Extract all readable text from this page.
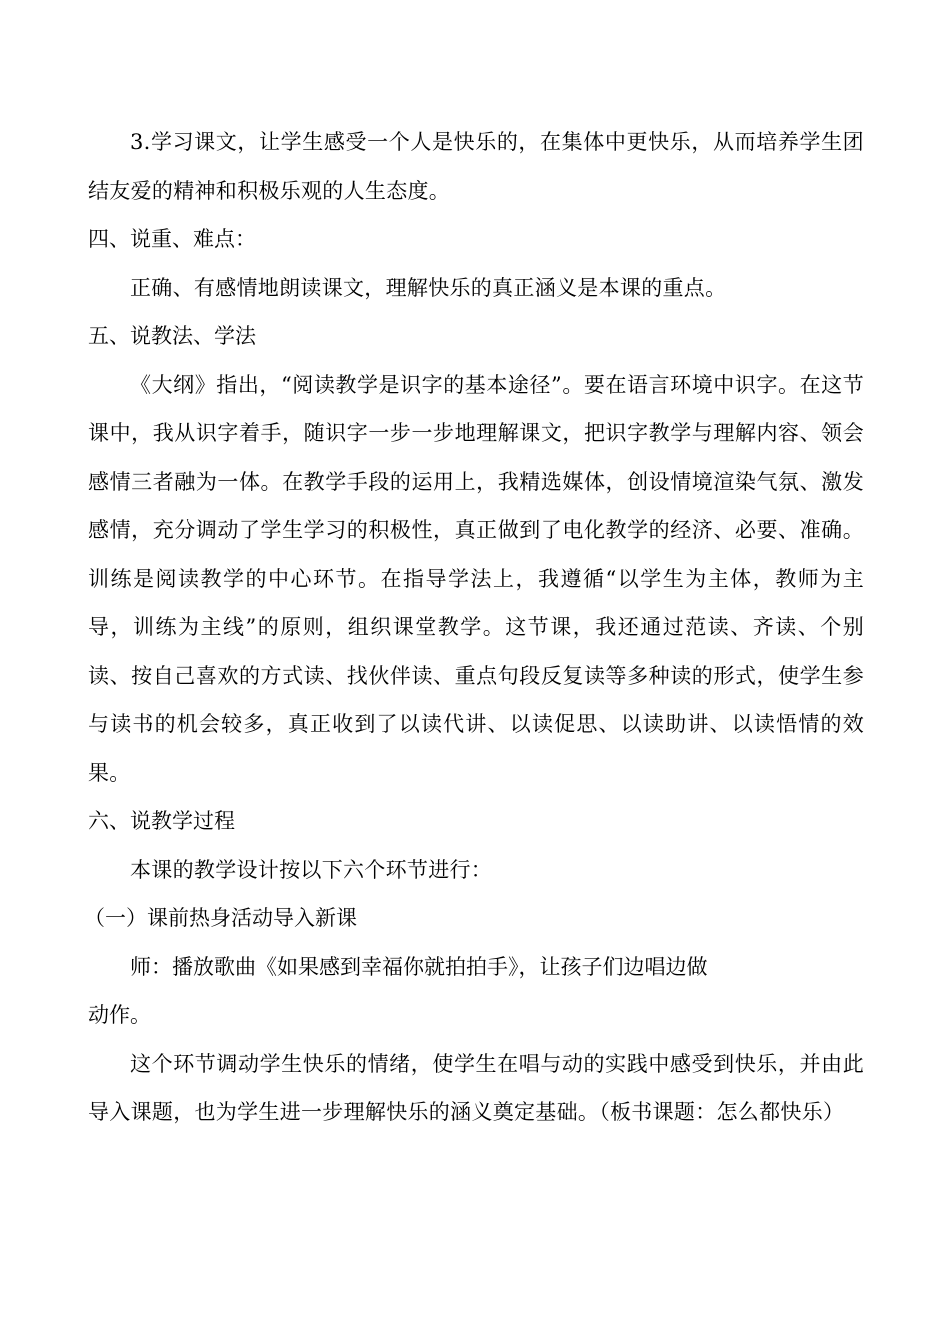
3.学习课文，让学生感受一个人是快乐的，在集体中更快乐，从而培养学生团结友爱的精神和积极乐观的人生态度。

四、说重、难点：

正确、有感情地朗读课文，理解快乐的真正涵义是本课的重点。

五、说教法、学法

《大纲》指出，“阅读教学是识字的基本途径”。要在语言环境中识字。在这节课中，我从识字着手，随识字一步一步地理解课文，把识字教学与理解内容、领会感情三者融为一体。在教学手段的运用上，我精选媒体，创设情境渲染气氛、激发感情，充分调动了学生学习的积极性，真正做到了电化教学的经济、必要、准确。 训练是阅读教学的中心环节。在指导学法上，我遵循“以学生为主体，教师为主导，训练为主线”的原则，组织课堂教学。这节课，我还通过范读、齐读、个别读、按自己喜欢的方式读、找伙伴读、重点句段反复读等多种读的形式，使学生参与读书的机会较多，真正收到了以读代讲、以读促思、以读助讲、以读悟情的效果。

六、说教学过程

本课的教学设计按以下六个环节进行：

（一）课前热身活动导入新课

师：播放歌曲《如果感到幸福你就拍拍手》，让孩子们边唱边做

动作。

这个环节调动学生快乐的情绪，使学生在唱与动的实践中感受到快乐，并由此导入课题，也为学生进一步理解快乐的涵义奠定基础。（板书课题：怎么都快乐）
